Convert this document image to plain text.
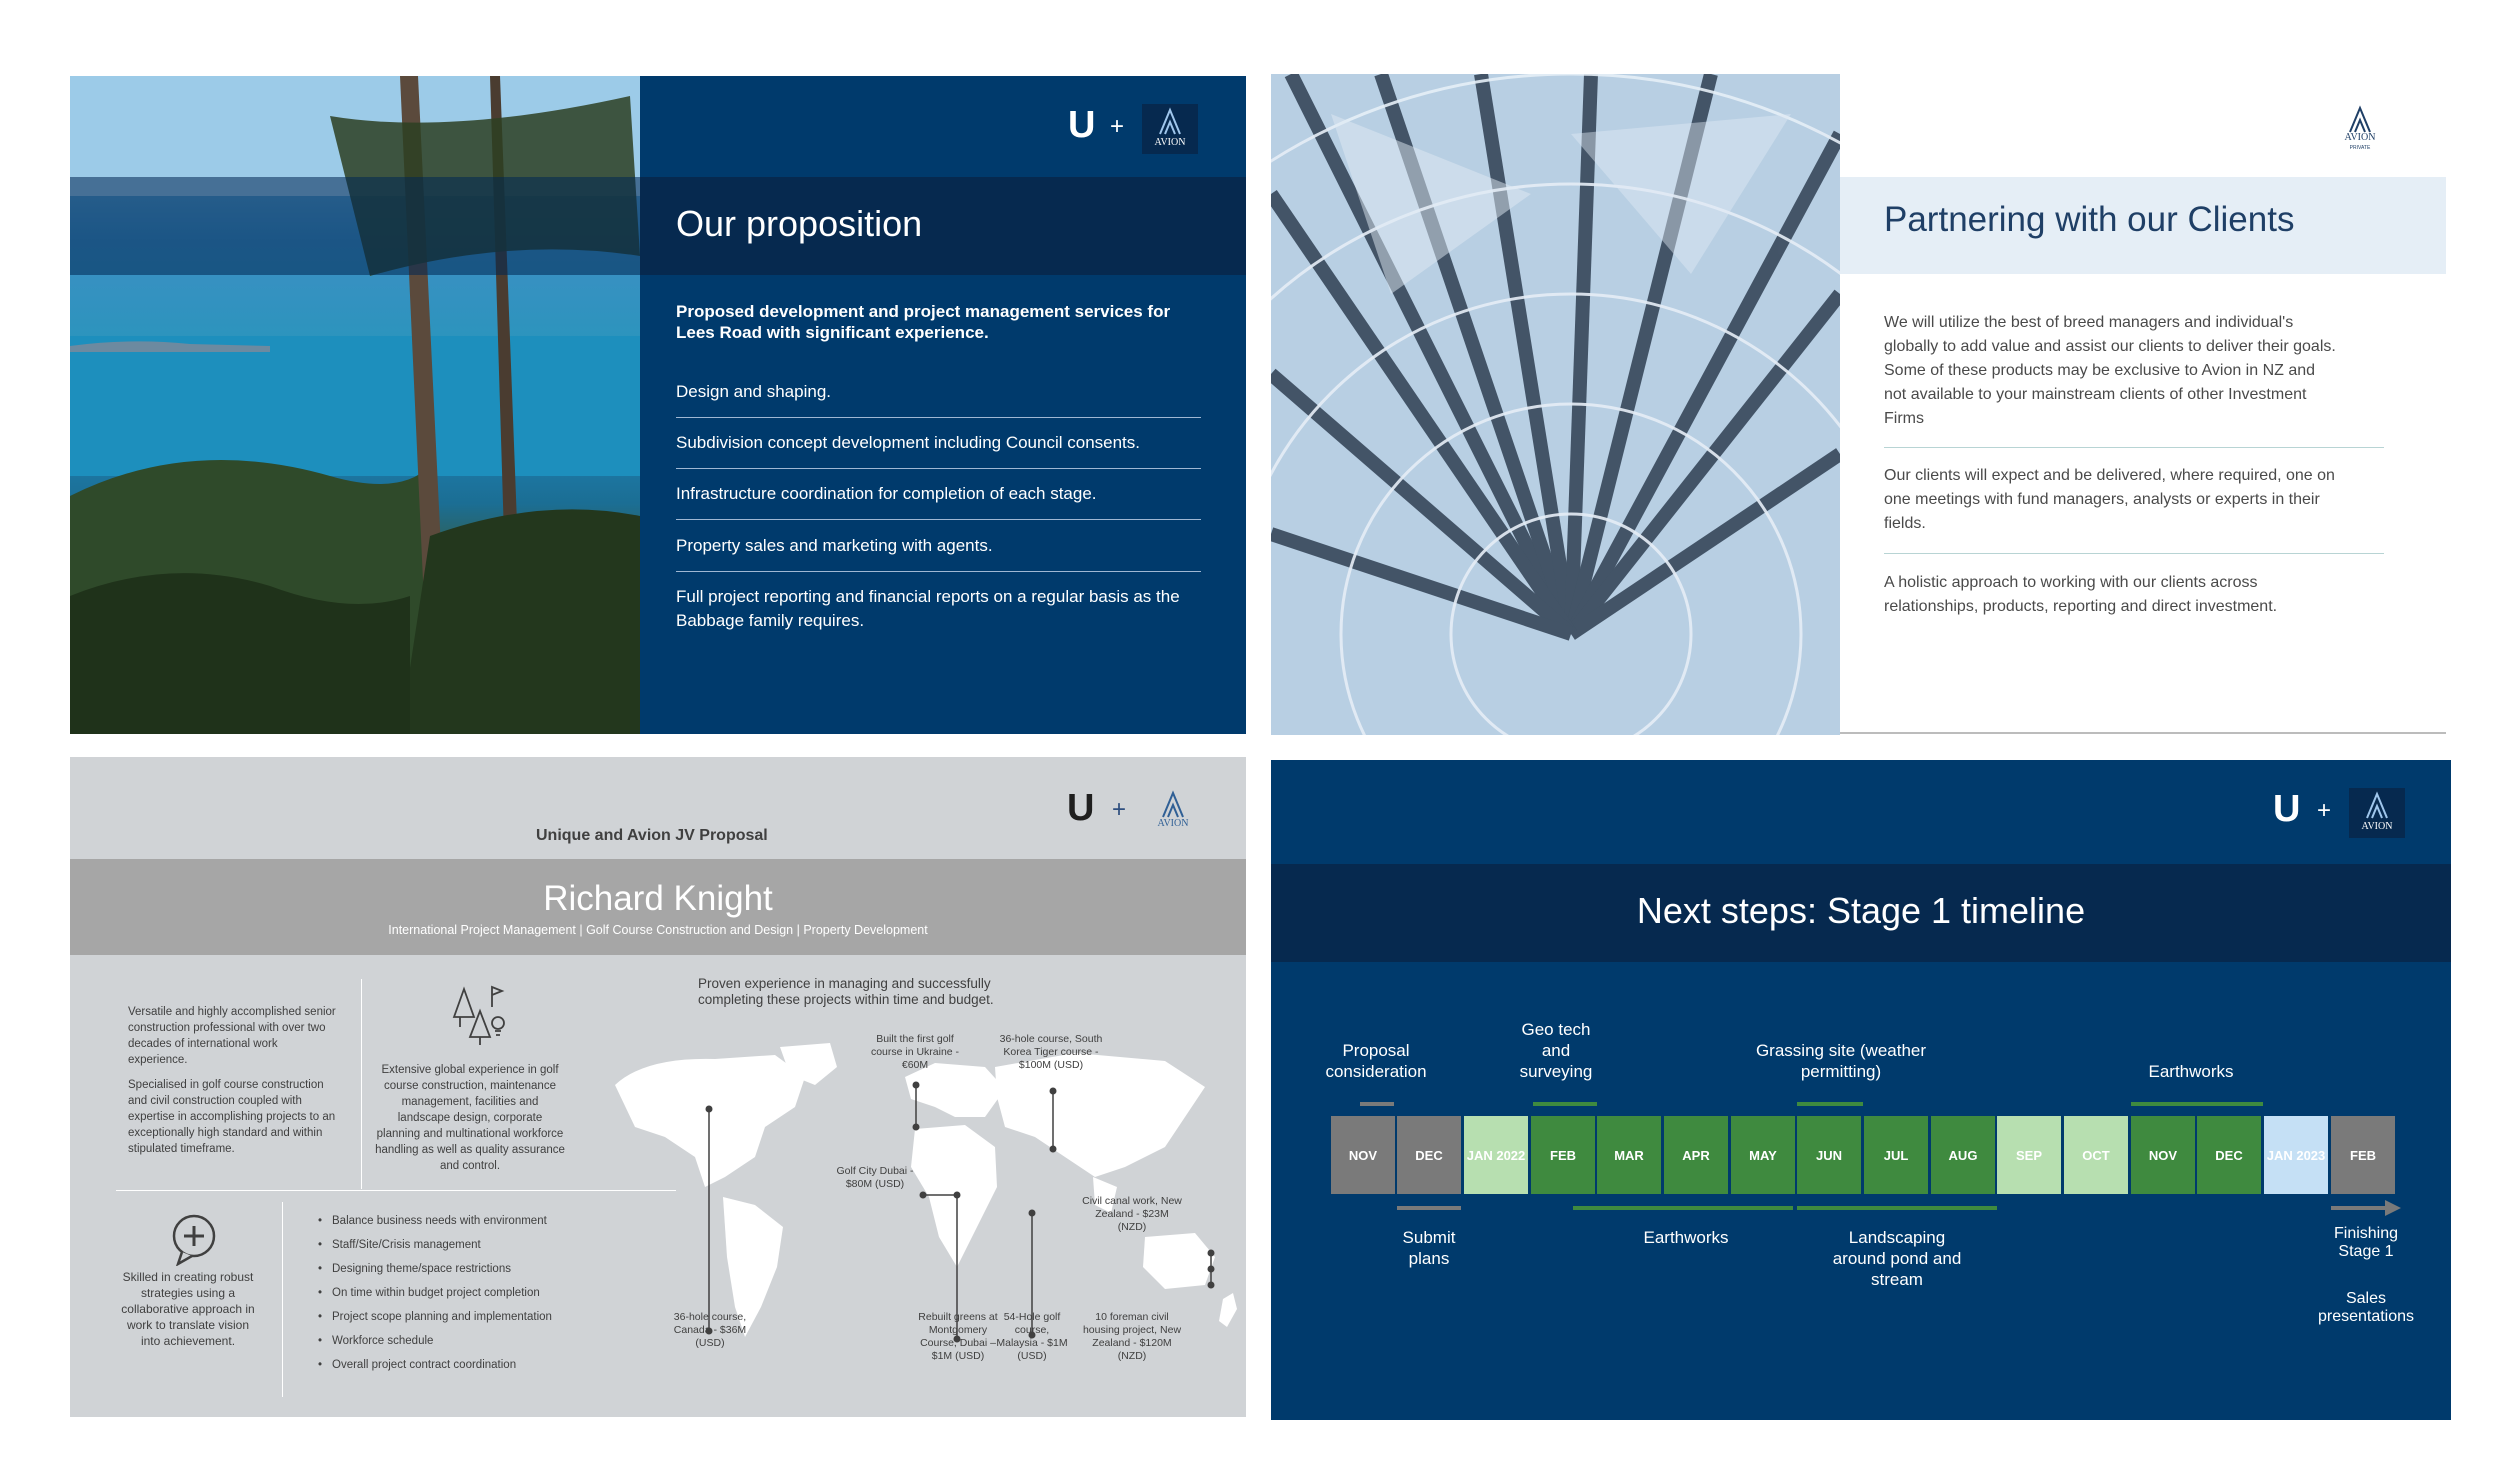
Our proposition
Proposed development and project management services for Lees Road with significant experience.
Design and shaping.
Subdivision concept development including Council consents.
Infrastructure coordination for completion of each stage.
Property sales and marketing with agents.
Full project reporting and financial reports on a regular basis as the Babbage family requires.
U +
AVION
Partnering with our Clients
We will utilize the best of breed managers and individual's globally to add value and assist our clients to deliver their goals. Some of these products may be exclusive to Avion in NZ and not available to your mainstream clients of other Investment Firms
Our clients will expect and be delivered, where required, one on one meetings with fund managers, analysts or experts in their fields.
A holistic approach to working with our clients across relationships, products, reporting and direct investment.
AVION
PRIVATE
Unique and Avion JV Proposal
U +
AVION
Richard Knight
International Project Management | Golf Course Construction and Design | Property Development
Versatile and highly accomplished senior construction professional with over two decades of international work experience.
Specialised in golf course construction and civil construction coupled with expertise in accomplishing projects to an exceptionally high standard and within stipulated timeframe.
Extensive global experience in golf course construction, maintenance management, facilities and landscape design, corporate planning and multinational workforce handling as well as quality assurance and control.
Skilled in creating robust strategies using a collaborative approach in work to translate vision into achievement.
• Balance business needs with environment
• Staff/Site/Crisis management
• Designing theme/space restrictions
• On time within budget project completion
• Project scope planning and implementation
• Workforce schedule
• Overall project contract coordination
Proven experience in managing and successfully completing these projects within time and budget.
Built the first golf course in Ukraine - €60M
36-hole course, South Korea Tiger course - $100M (USD)
Golf City Dubai - $80M (USD)
Civil canal work, New Zealand - $23M (NZD)
36-hole course, Canada - $36M (USD)
Rebuilt greens at Montgomery Course, Dubai – $1M (USD)
54-Hole golf course, Malaysia - $1M (USD)
10 foreman civil housing project, New Zealand - $120M (NZD)
U +
AVION
Next steps: Stage 1 timeline
Proposal consideration
Geo tech and surveying
Grassing site (weather permitting)	Earthworks
NOV	DEC	JAN 2022	FEB	MAR	APR	MAY	JUN	JUL	AUG	SEP	OCT	NOV	DEC	JAN 2023	FEB
Submit plans
Earthworks	Landscaping around pond and stream
Finishing Stage 1
Sales presentations
